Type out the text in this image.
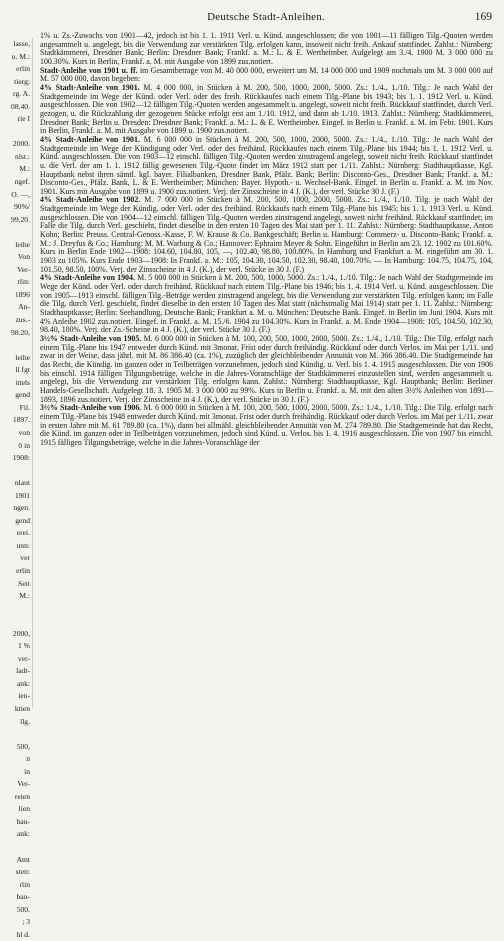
lasse,
u. M.:
erlin
tierg;
rg. A.
08.40.
rie I

2000.
nlst.:
M.:
ngef.
O. —,
90%/
99.20.

leihe
Von
Ver-
rlin:
1896
An-
zus.-
98.20,

leihe
ll fgt
ittels
gend
Fil.
1897.
von
0 in
1908:

nlaut
1901
ngen.
gend
erei.
unn:
ver
erlin
Seit
M.:

2000,
1 %
ver-
ladt-
ank:
ien-
ktien
llg.

500,
n
in
Ver-
reien
lien
bau-
ank:

Amt
sten:
rlin
bau-
500.
; 3
hl d.
Deutsche Stadt-Anleihen.	169

1% u. Zs.-Zuwachs von 1901—42, jedoch ist bis 1. 1. 1911 Verl. u. Künd. ausgeschlossen; die von 1901—11 fälligen Tilg.-Quoten werden angesammelt u. angelegt, bis die Verwendung zur verstärkten Tilg. erfolgen kann, insoweit nicht freih. Ankauf stattfindet. Zahlst.: Nürnberg: Stadtkämmerei, Dresdner Bank; Berlin: Dresdner Bank; Frankf. a. M.: L. & E. Wertheimber. Aufgelegt am 3./4. 1900 M. 3 000 000 zu 100.30%. Kurs in Berlin, Frankf. a. M. mit Ausgabe von 1899 zus.notiert.

Stadt-Anleihe von 1901 u. ff. im Gesamtbetrage von M. 40 000 000, erweitert um M. 14 000 000 und 1909 nochmals um M. 3 000 000 auf M. 57 000 000, davon begeben:

4% Stadt-Anleihe von 1901. M. 4 000 000, in Stücken à M. 200, 500, 1000, 2000, 5000. Zs.: 1./4., 1./10. Tilg.: Je nach Wahl der Stadtgemeinde im Wege der Künd. oder Verl. oder des freih. Rückkaufes nach einem Tilg.-Plane bis 1943; bis 1. 1. 1912 Verl. u. Künd. ausgeschlossen. Die von 1902—12 fälligen Tilg.-Quoten werden angesammelt u. angelegt, soweit nicht freih. Rückkauf stattfindet, durch Verl. gezogen, u. die Rückzahlung der gezogenen Stücke erfolgt erst am 1./10. 1912, und dann ab 1./10. 1913. Zahlst.: Nürnberg: Stadtkämmerei, Dresdner Bank; Berlin u. Dresden: Dresdner Bank; Frankf. a. M.: L. & E. Wertheimber. Eingef. in Berlin u. Frankf. a. M. im Febr. 1901. Kurs in Berlin, Frankf. a. M. mit Ausgabe von 1899 u. 1900 zus.notiert.

4% Stadt-Anleihe von 1901. M. 6 000 000 in Stücken à M. 200, 500, 1000, 2000, 5000. Zs.: 1./4., 1./10. Tilg.: Je nach Wahl der Stadtgemeinde im Wege der Kündigung oder Verl. oder des freihänd. Rückkaufes nach einem Tilg.-Plane bis 1944; bis 1. 1. 1912 Verl. u. Künd. ausgeschlossen. Die von 1903—12 einschl. fälligen Tilg.-Quoten werden zinstragend angelegt, soweit nicht freih. Rückkauf stattfindet u. die Verl. der am 1. 1. 1912 fällig gewesenen Tilg.-Quote findet im März 1912 statt per 1./11. Zahlst.: Nürnberg: Stadthauptkasse, Kgl. Hauptbank nebst ihren sämtl. kgl. bayer. Filialbanken, Dresdner Bank, Pfälz. Bank; Berlin: Disconto-Ges., Dresdner Bank; Frankf. a. M.: Disconto-Ges., Pfälz. Bank, L. & E. Wertheimber; München: Bayer. Hypoth.- u. Wechsel-Bank. Eingef. in Berlin u. Frankf. a. M. im Nov. 1901. Kurs mit Ausgabe von 1899 u. 1900 zus.notiert. Verj. der Zinsscheine in 4 J. (K.), der verl. Stücke 30 J. (F.)

4% Stadt-Anleihe von 1902. M. 7 000 000 in Stücken à M. 200, 500, 1000, 2000, 5000. Zs.: 1./4., 1./10. Tilg. je nach Wahl der Stadtgemeinde im Wege der Kündig. oder Verl. oder des freihänd. Rückkaufs nach einem Tilg.-Plane bis 1945; bis 1. 1. 1913 Verl. u. Künd. ausgeschlossen. Die von 1904—12 einschl. fälligen Tilg.-Quoten werden zinstragend angelegt, soweit nicht freihänd. Rückkauf stattfindet; im Falle die Tilg. durch Verl. geschieht, findet dieselbe in den ersten 10 Tagen des Mai statt per 1. 11. Zahlst.: Nürnberg: Stadthauptkasse, Anton Kohn; Berlin: Preuss. Central-Genoss.-Kasse, F. W. Krause & Co. Bankgeschäft; Berlin u. Hamburg: Commerz- u. Disconto-Bank; Frankf. a. M.: J. Dreyfus & Co.; Hamburg: M. M. Warburg & Co.; Hannover: Ephraim Meyer & Sohn. Eingeführt in Berlin am 23. 12. 1902 zu 101.60%. Kurs in Berlin Ende 1902—1908: 104.60, 104.80, 105, —, 102.40, 98.80, 100.80%. In Hamburg und Frankfurt a. M. eingeführt am 30. 1. 1903 zu 105%. Kurs Ende 1903—1908: In Frankf. a. M.: 105, 104.30, 104.50, 102.30, 98.40, 100.70%. — In Hamburg: 104.75, 104.75, 104, 101.50, 98.50, 100%. Verj. der Zinsscheine in 4 J. (K.), der verl. Stücke in 30 J. (F.)

4% Stadt-Anleihe von 1904. M. 5 000 000 in Stücken à M. 200, 500, 1000, 5000. Zs.: 1./4., 1./10. Tilg.: Je nach Wahl der Stadtgemeinde im Wege der Künd. oder Verl. oder durch freihänd. Rückkauf nach einem Tilg.-Plane bis 1946; bis 1. 4. 1914 Verl. u. Künd. ausgeschlossen. Die von 1905—1913 einschl. fälligen Tilg.-Beträge werden zinstragend angelegt, bis die Verwendung zur verstärkten Tilg. erfolgen kann; im Falle die Tilg. durch Verl. geschieht, findet dieselbe in den ersten 10 Tagen des Mai statt (nächstmalig Mai 1914) statt per 1. 11. Zahlst.: Nürnberg: Stadthauptkasse; Berlin: Seehandlung, Deutsche Bank; Frankfurt a. M. u. München: Deutsche Bank. Eingef. in Berlin im Juni 1904. Kurs mit 4% Anleihe 1902 zus.notiert. Eingef. in Frankf. a. M. 15./6. 1904 zu 104.30%. Kurs in Frankf. a. M. Ende 1904—1908: 105, 104.50, 102.30, 98.40, 100%. Verj. der Zs.-Scheine in 4 J. (K.), der verl. Stücke 30 J. (F.)

3½% Stadt-Anleihe von 1905. M. 6 000 000 in Stücken à M. 100, 200, 500, 1000, 2000, 5000. Zs.: 1./4., 1./10. Tilg.: Die Tilg. erfolgt nach einem Tilg.-Plane bis 1947 entweder durch Künd. mit 3monat. Frist oder durch freihändig. Rückkauf oder durch Verlos. im Mai per 1./11. und zwar in der Weise, dass jährl. mit M. 86 386.40 (ca. 1%), zuzüglich der gleichbleibender Annuität von M. 366 386.40. Die Stadtgemeinde hat das Recht, die Kündig. im ganzen oder in Teilbeträgen vorzunehmen, jedoch sind Kündig. u. Verl. bis 1. 4. 1915 ausgeschlossen. Die von 1906 bis einschl. 1914 fälligen Tilgungsbeträge, welche in die Jahres-Voranschläge der Stadtkämmerei einzustellen sind, werden angesammelt u. angelegt, bis die Verwendung zur verstärkten Tilg. erfolgen kann. Zahlst.: Nürnberg: Stadthauptkasse, Kgl. Hauptbank; Berlin: Berliner Handels-Gesellschaft. Aufgelegt 18. 3. 1905 M. 3 000 000 zu 99%. Kurs in Berlin u. Frankf. a. M. mit den alten 3½% Anleihen von 1891—1893, 1896 zus.notiert. Verj. der Zinsscheine in 4 J. (K.), der verl. Stücke in 30 J. (F.)

3½% Stadt-Anleihe von 1906. M. 6 000 000 in Stücken à M. 100, 200, 500, 1000, 2000, 5000. Zs.: 1./4., 1./10. Tilg.: Die Tilg. erfolgt nach einem Tilg.-Plane bis 1948 entweder durch Künd. mit 3monat. Frist oder durch freihändig. Rückkauf oder durch Verlos. im Mai per 1./11. zwar in ersten Jahre mit M. 61 789.80 (ca. 1%), dann bei allmähl. gleichbleibender Annuität von M. 274 789.80. Die Stadtgemeinde hat das Recht, die Künd. im ganzen oder in Teilbeträgen vorzunehmen, jedoch sind Künd. u. Verlos. bis 1. 4. 1916 ausgeschlossen. Die von 1907 bis einschl. 1915 fälligen Tilgungsbeträge, welche in die Jahres-Voranschläge der
